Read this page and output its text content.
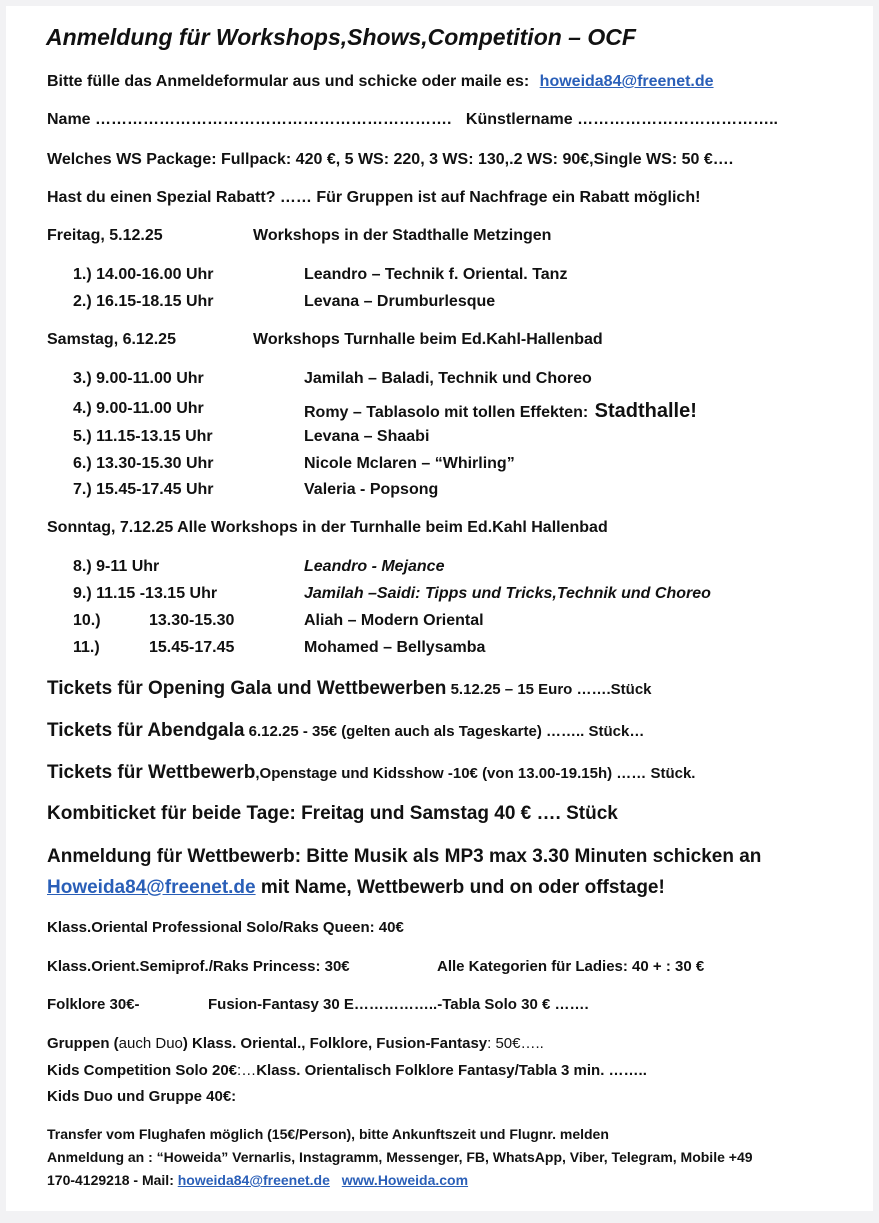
Anmeldung für Workshops,Shows,Competition – OCF
Bitte fülle das Anmeldeformular aus und schicke oder maile es: howeida84@freenet.de
Name …………………………………………………………. Künstlername ………………………………..
Welches WS Package: Fullpack: 420 €, 5 WS: 220, 3 WS: 130,.2 WS: 90€,Single WS: 50 €….
Hast du einen Spezial Rabatt? …… Für Gruppen ist auf Nachfrage ein Rabatt möglich!
Freitag, 5.12.25	Workshops in der Stadthalle Metzingen
1.) 14.00-16.00 Uhr	Leandro – Technik f. Oriental. Tanz
2.) 16.15-18.15 Uhr	Levana – Drumburlesque
Samstag, 6.12.25	Workshops Turnhalle beim Ed.Kahl-Hallenbad
3.) 9.00-11.00 Uhr	Jamilah – Baladi, Technik und Choreo
4.) 9.00-11.00 Uhr	Romy – Tablasolo mit tollen Effekten: Stadthalle!
5.) 11.15-13.15 Uhr	Levana – Shaabi
6.) 13.30-15.30 Uhr	Nicole Mclaren – “Whirling”
7.) 15.45-17.45 Uhr	Valeria - Popsong
Sonntag, 7.12.25 Alle Workshops in der Turnhalle beim Ed.Kahl Hallenbad
8.) 9-11 Uhr	Leandro - Mejance
9.) 11.15 -13.15 Uhr	Jamilah –Saidi: Tipps und Tricks,Technik und Choreo
10.)	13.30-15.30	Aliah – Modern Oriental
11.)	15.45-17.45	Mohamed – Bellysamba
Tickets für Opening Gala und Wettbewerben 5.12.25 – 15 Euro …….Stück
Tickets für Abendgala 6.12.25 - 35€ (gelten auch als Tageskarte) …….. Stück…
Tickets für Wettbewerb,Openstage und Kidsshow -10€ (von 13.00-19.15h) …… Stück.
Kombiticket für beide Tage: Freitag und Samstag 40 € …. Stück
Anmeldung für Wettbewerb: Bitte Musik als MP3 max 3.30 Minuten schicken an
Howeida84@freenet.de mit Name, Wettbewerb und on oder offstage!
Klass.Oriental Professional Solo/Raks Queen: 40€
Klass.Orient.Semiprof./Raks Princess: 30€	Alle Kategorien für Ladies: 40 + : 30 €
Folklore 30€-	Fusion-Fantasy 30 E……………..-Tabla Solo 30 € …….
Gruppen (auch Duo) Klass. Oriental., Folklore, Fusion-Fantasy: 50€…..
Kids Competition Solo 20€:…Klass. Orientalisch Folklore Fantasy/Tabla 3 min. ……..
Kids Duo und Gruppe 40€:
Transfer vom Flughafen möglich (15€/Person), bitte Ankunftszeit und Flugnr. melden
Anmeldung an : “Howeida” Vernarlis, Instagramm, Messenger, FB, WhatsApp, Viber, Telegram, Mobile +49
170-4129218 - Mail: howeida84@freenet.de www.Howeida.com
